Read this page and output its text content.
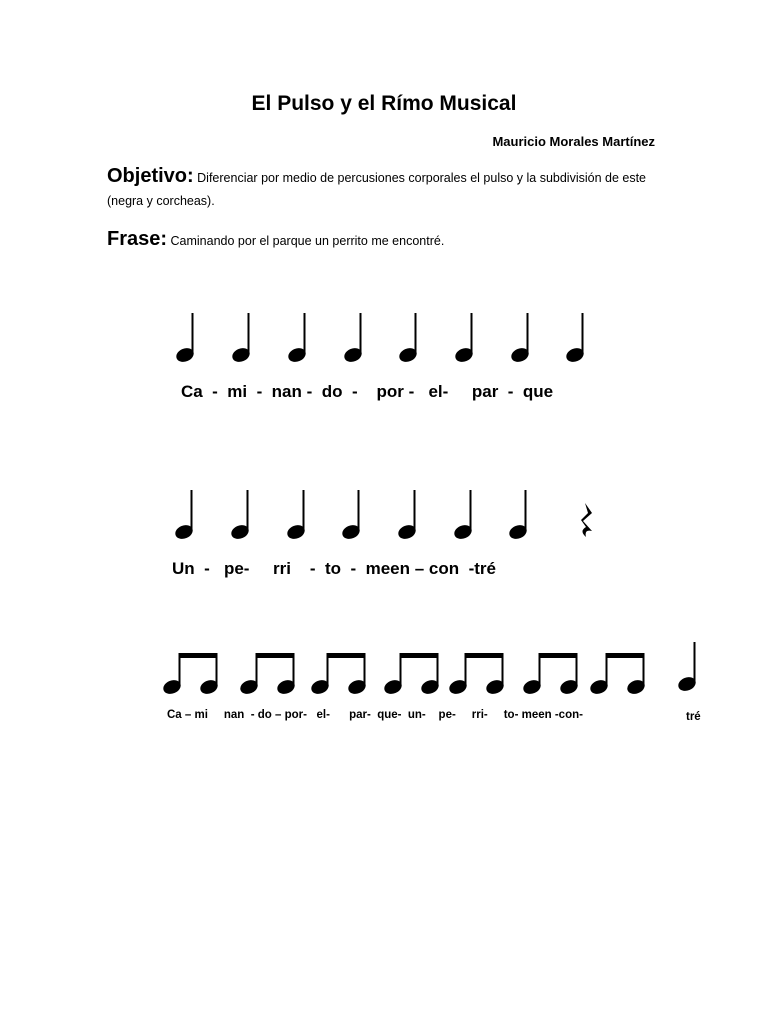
El Pulso y el Rímo Musical
Mauricio Morales Martínez
Objetivo: Diferenciar por medio de percusiones corporales el pulso y la subdivisión de este (negra y corcheas).
Frase: Caminando por el parque un perrito me encontré.
Ca  -  mi  -  nan -  do  -    por -   el-     par  -  que
Un  -   pe-     rri    -  to  -  meen – con  -tré
Ca – mi     nan  - do – por-   el-      par-  que-  un-    pe-     rri-     to- meen -con-	tré
